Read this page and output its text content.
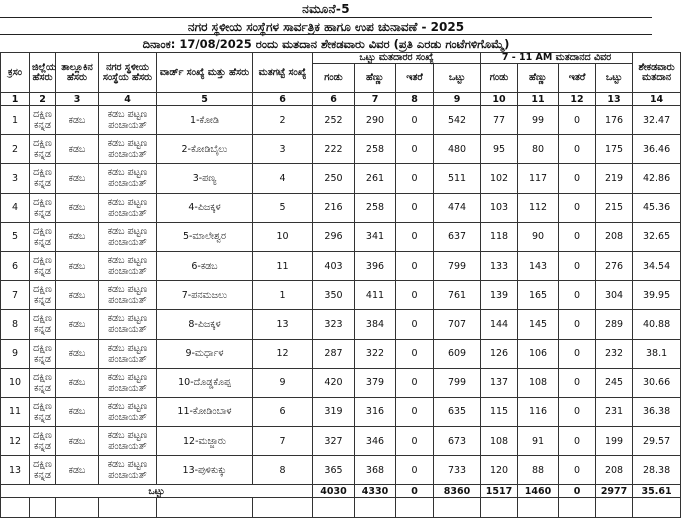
ನಮೂನೆ-5
ನಗರ ಸ್ಥಳೀಯ ಸಂಸ್ಥೆಗಳ ಸಾರ್ವತ್ರಿಕ ಹಾಗೂ ಉಪ ಚುನಾವಣೆ - 2025
ದಿನಾಂಕ: 17/08/2025 ರಂದು ಮತದಾನ ಶೇಕಡವಾರು ವಿವರ (ಪ್ರತಿ ಎರಡು ಗಂಟೆಗಳಿಗೊಮ್ಮೆ)
ಕ್ರಸಂ	ಜಿಲ್ಲೆಯ ಹೆಸರು	ತಾಲ್ಲೂಕಿನ ಹೆಸರು	ನಗರ ಸ್ಥಳೀಯ ಸಂಸ್ಥೆಯ ಹೆಸರು	ವಾರ್ಡ್ ಸಂಖ್ಯೆ ಮತ್ತು ಹೆಸರು	ಮತಗಟ್ಟೆ ಸಂಖ್ಯೆ	ಒಟ್ಟು ಮತದಾರರ ಸಂಖ್ಯೆ				7 - 11 AM ಮತದಾನದ ವಿವರ				ಶೇಕಡವಾರು ಮತದಾನ
						ಗಂಡು	ಹೆಣ್ಣು	ಇತರೆ	ಒಟ್ಟು	ಗಂಡು	ಹೆಣ್ಣು	ಇತರೆ	ಒಟ್ಟು	
1	2	3	4	5	6	6	7	8	9	10	11	12	13	14
1	ದಕ್ಷಿಣ ಕನ್ನಡ	ಕಡಬ	ಕಡಬ ಪಟ್ಟಣ ಪಂಚಾಯತ್	1-ಕೋಡಿ	2	252	290	0	542	77	99	0	176	32.47
2	ದಕ್ಷಿಣ ಕನ್ನಡ	ಕಡಬ	ಕಡಬ ಪಟ್ಟಣ ಪಂಚಾಯತ್	2-ಕೋಡಿಬೈಲು	3	222	258	0	480	95	80	0	175	36.46
3	ದಕ್ಷಿಣ ಕನ್ನಡ	ಕಡಬ	ಕಡಬ ಪಟ್ಟಣ ಪಂಚಾಯತ್	3-ಪಣ್ಯ	4	250	261	0	511	102	117	0	219	42.86
4	ದಕ್ಷಿಣ ಕನ್ನಡ	ಕಡಬ	ಕಡಬ ಪಟ್ಟಣ ಪಂಚಾಯತ್	4-ಪಿಜಕ್ಕಳ	5	216	258	0	474	103	112	0	215	45.36
5	ದಕ್ಷಿಣ ಕನ್ನಡ	ಕಡಬ	ಕಡಬ ಪಟ್ಟಣ ಪಂಚಾಯತ್	5-ಮಾಲೇಶ್ವರ	10	296	341	0	637	118	90	0	208	32.65
6	ದಕ್ಷಿಣ ಕನ್ನಡ	ಕಡಬ	ಕಡಬ ಪಟ್ಟಣ ಪಂಚಾಯತ್	6-ಕಡಬ	11	403	396	0	799	133	143	0	276	34.54
7	ದಕ್ಷಿಣ ಕನ್ನಡ	ಕಡಬ	ಕಡಬ ಪಟ್ಟಣ ಪಂಚಾಯತ್	7-ಪನಮಜಲು	1	350	411	0	761	139	165	0	304	39.95
8	ದಕ್ಷಿಣ ಕನ್ನಡ	ಕಡಬ	ಕಡಬ ಪಟ್ಟಣ ಪಂಚಾಯತ್	8-ಪಿಜಕ್ಕಳ	13	323	384	0	707	144	145	0	289	40.88
9	ದಕ್ಷಿಣ ಕನ್ನಡ	ಕಡಬ	ಕಡಬ ಪಟ್ಟಣ ಪಂಚಾಯತ್	9-ಮರ್ಧಾಳ	12	287	322	0	609	126	106	0	232	38.1
10	ದಕ್ಷಿಣ ಕನ್ನಡ	ಕಡಬ	ಕಡಬ ಪಟ್ಟಣ ಪಂಚಾಯತ್	10-ದೊಡ್ಡಕೊಪ್ಪ	9	420	379	0	799	137	108	0	245	30.66
11	ದಕ್ಷಿಣ ಕನ್ನಡ	ಕಡಬ	ಕಡಬ ಪಟ್ಟಣ ಪಂಚಾಯತ್	11-ಕೋಡಿಂಬಾಳ	6	319	316	0	635	115	116	0	231	36.38
12	ದಕ್ಷಿಣ ಕನ್ನಡ	ಕಡಬ	ಕಡಬ ಪಟ್ಟಣ ಪಂಚಾಯತ್	12-ಮಜ್ಜಾರು	7	327	346	0	673	108	91	0	199	29.57
13	ದಕ್ಷಿಣ ಕನ್ನಡ	ಕಡಬ	ಕಡಬ ಪಟ್ಟಣ ಪಂಚಾಯತ್	13-ಪುಳಿಕುಕ್ಕು	8	365	368	0	733	120	88	0	208	28.38
ಒಟ್ಟು						4030	4330	0	8360	1517	1460	0	2977	35.61
